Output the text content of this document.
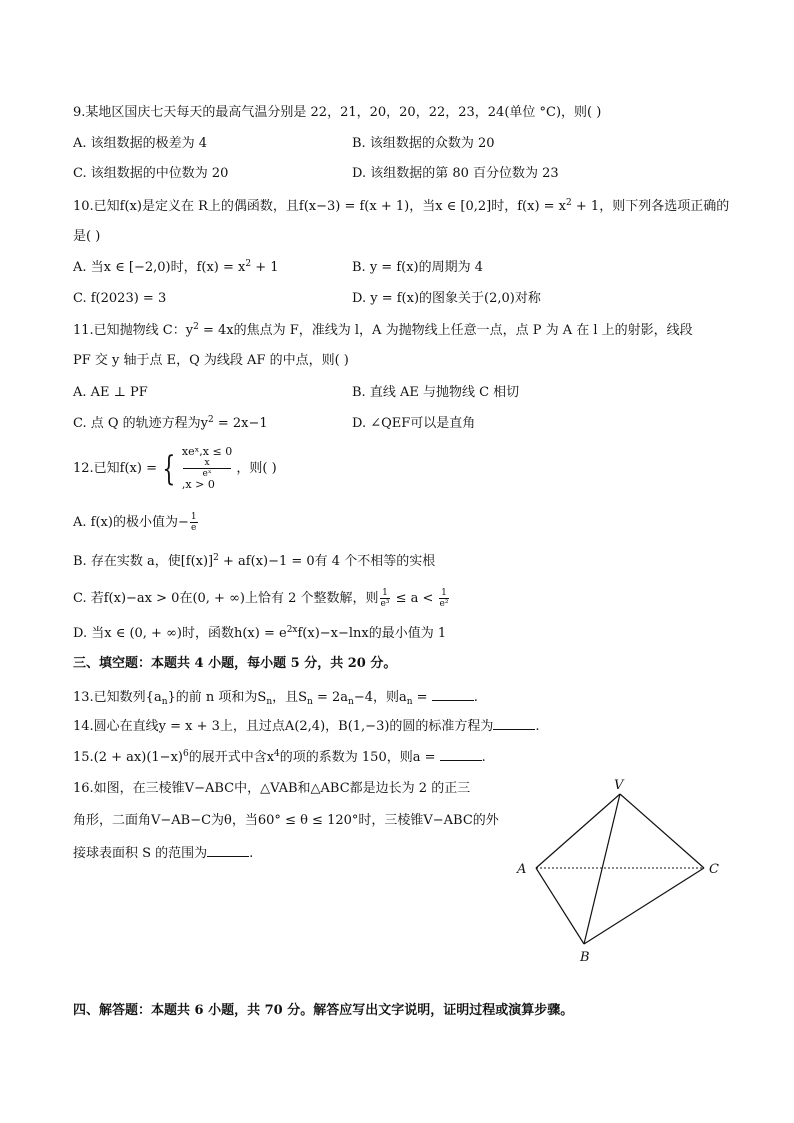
9.某地区国庆七天每天的最高气温分别是 22，21，20，20，22，23，24(单位 °C)，则( )
A. 该组数据的极差为 4	B. 该组数据的众数为 20
C. 该组数据的中位数为 20	D. 该组数据的第 80 百分位数为 23
10.已知f(x)是定义在 R上的偶函数，且f(x−3) = f(x + 1)，当x ∈ [0,2]时，$f(x) = x^2 + 1$，则下列各选项正确的
是( )
A. 当x ∈ [−2,0)时，$f(x) = x^2 + 1$	B. y = f(x)的周期为 4
C. f(2023) = 3	D. y = f(x)的图象关于(2,0)对称
11.已知抛物线 C：$y^2 = 4x$的焦点为 F，准线为 l，A 为抛物线上任意一点，点 P 为 A 在 l 上的射影，线段
PF 交 y 轴于点 E，Q 为线段 AF 的中点，则( )
A. AE ⊥ PF	B. 直线 AE 与抛物线 C 相切
C. 点 Q 的轨迹方程为$y^2 = 2x-1$	D. ∠QEF可以是直角
12.已知f(x) = { xeˣ,x ≤ 0
x
eˣ
,x > 0
，则( )
A. f(x)的极小值为− $\frac{1}{e}$
B. 存在实数 a，使$[f(x)]^2 + af(x)-1 = 0$有 4 个不相等的实根
C. 若f(x)−ax > 0在(0, + ∞)上恰有 2 个整数解，则 $\frac{1}{\text{e³}} \le a < \frac{1}{\text{e²}}$
D. 当x ∈ (0, + ∞)时，函数$h(x) = e^{2x}f(x)-x-\ln x$的最小值为 1
三、填空题：本题共 4 小题，每小题 5 分，共 20 分。
13.已知数列$\{a_n\}$的前 n 项和为$S_n$，且$S_n = 2a_n-4$，则$a_n$ =	.
14.圆心在直线y = x + 3上，且过点A(2,4)，B(1,−3)的圆的标准方程为	.
$15.(2 + ax)(1-x)^6$的展开式中含$x^4$的项的系数为 150，则a =	.
16.如图，在三棱锥V−ABC中，△VAB和△ABC都是边长为 2 的正三
角形，二面角V−AB−C为θ，当60° ≤ θ ≤ 120°时，三棱锥V−ABC的外
接球表面积 S 的范围为	.
V
A
B
C
四、解答题：本题共 6 小题，共 70 分。解答应写出文字说明，证明过程或演算步骤。
